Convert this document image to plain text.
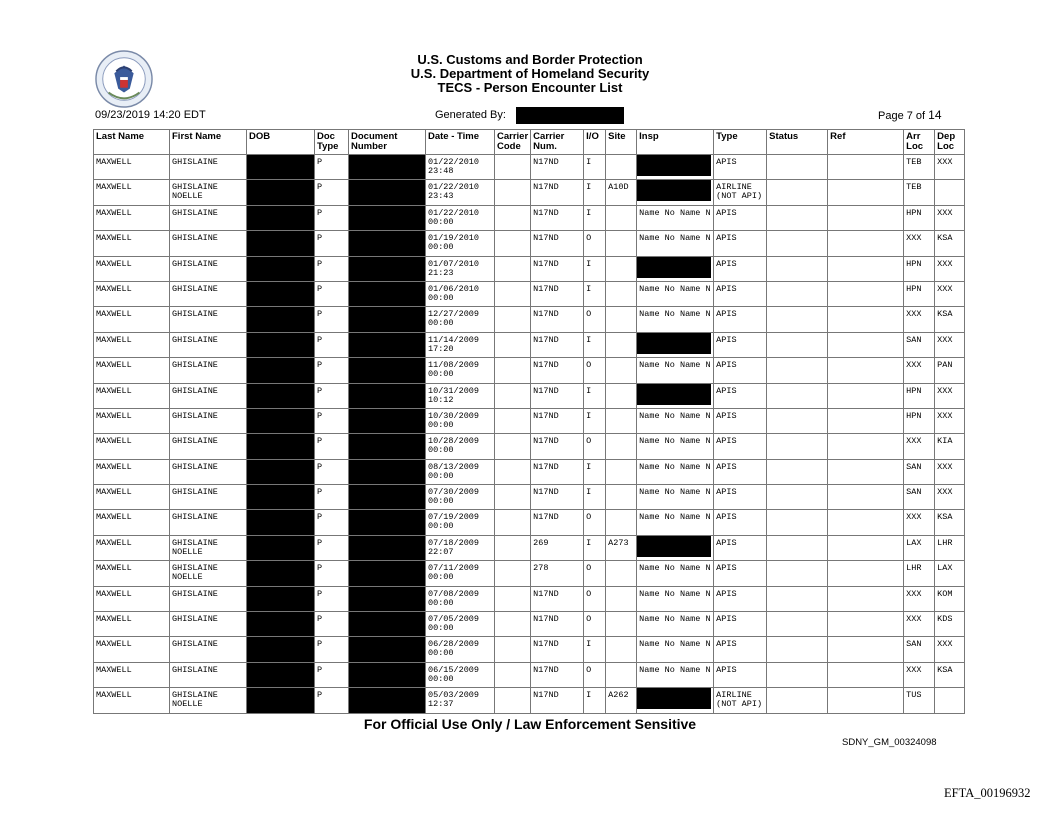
U.S. Customs and Border Protection
U.S. Department of Homeland Security
TECS - Person Encounter List
09/23/2019 14:20 EDT	Generated By:	Page 7 of 14
Last Name	First Name	DOB	Doc Type	Document Number	Date - Time	Carrier Code	Carrier Num.	I/O	Site	Insp	Type	Status	Ref	Arr Loc	Dep Loc
MAXWELL	GHISLAINE		P		01/22/2010 23:48		N17ND	I			APIS			TEB	XXX
MAXWELL	GHISLAINE NOELLE		P		01/22/2010 23:43		N17ND	I	A10D		AIRLINE (NOT API)			TEB	
MAXWELL	GHISLAINE		P		01/22/2010 00:00		N17ND	I		Name No Name N	APIS			HPN	XXX
MAXWELL	GHISLAINE		P		01/19/2010 00:00		N17ND	O		Name No Name N	APIS			XXX	KSA
MAXWELL	GHISLAINE		P		01/07/2010 21:23		N17ND	I			APIS			HPN	XXX
MAXWELL	GHISLAINE		P		01/06/2010 00:00		N17ND	I		Name No Name N	APIS			HPN	XXX
MAXWELL	GHISLAINE		P		12/27/2009 00:00		N17ND	O		Name No Name N	APIS			XXX	KSA
MAXWELL	GHISLAINE		P		11/14/2009 17:20		N17ND	I			APIS			SAN	XXX
MAXWELL	GHISLAINE		P		11/08/2009 00:00		N17ND	O		Name No Name N	APIS			XXX	PAN
MAXWELL	GHISLAINE		P		10/31/2009 10:12		N17ND	I			APIS			HPN	XXX
MAXWELL	GHISLAINE		P		10/30/2009 00:00		N17ND	I		Name No Name N	APIS			HPN	XXX
MAXWELL	GHISLAINE		P		10/28/2009 00:00		N17ND	O		Name No Name N	APIS			XXX	KIA
MAXWELL	GHISLAINE		P		08/13/2009 00:00		N17ND	I		Name No Name N	APIS			SAN	XXX
MAXWELL	GHISLAINE		P		07/30/2009 00:00		N17ND	I		Name No Name N	APIS			SAN	XXX
MAXWELL	GHISLAINE		P		07/19/2009 00:00		N17ND	O		Name No Name N	APIS			XXX	KSA
MAXWELL	GHISLAINE NOELLE		P		07/18/2009 22:07		269	I	A273		APIS			LAX	LHR
MAXWELL	GHISLAINE NOELLE		P		07/11/2009 00:00		278	O		Name No Name N	APIS			LHR	LAX
MAXWELL	GHISLAINE		P		07/08/2009 00:00		N17ND	O		Name No Name N	APIS			XXX	KOM
MAXWELL	GHISLAINE		P		07/05/2009 00:00		N17ND	O		Name No Name N	APIS			XXX	KDS
MAXWELL	GHISLAINE		P		06/28/2009 00:00		N17ND	I		Name No Name N	APIS			SAN	XXX
MAXWELL	GHISLAINE		P		06/15/2009 00:00		N17ND	O		Name No Name N	APIS			XXX	KSA
MAXWELL	GHISLAINE NOELLE		P		05/03/2009 12:37		N17ND	I	A262		AIRLINE (NOT API)			TUS	
For Official Use Only / Law Enforcement Sensitive
SDNY_GM_00324098
EFTA_00196932
